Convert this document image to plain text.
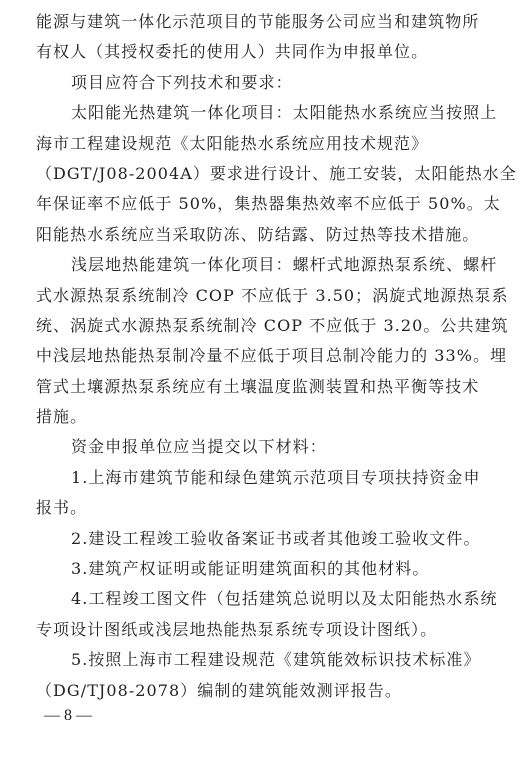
能源与建筑一体化示范项目的节能服务公司应当和建筑物所
有权人（其授权委托的使用人）共同作为申报单位。
项目应符合下列技术和要求：
太阳能光热建筑一体化项目：太阳能热水系统应当按照上
海市工程建设规范《太阳能热水系统应用技术规范》
（DGT/J08-2004A）要求进行设计、施工安装，太阳能热水全
年保证率不应低于 50%，集热器集热效率不应低于 50%。太
阳能热水系统应当采取防冻、防结露、防过热等技术措施。
浅层地热能建筑一体化项目：螺杆式地源热泵系统、螺杆
式水源热泵系统制冷 COP 不应低于 3.50；涡旋式地源热泵系
统、涡旋式水源热泵系统制冷 COP 不应低于 3.20。公共建筑
中浅层地热能热泵制冷量不应低于项目总制冷能力的 33%。埋
管式土壤源热泵系统应有土壤温度监测装置和热平衡等技术
措施。
资金申报单位应当提交以下材料：
1.上海市建筑节能和绿色建筑示范项目专项扶持资金申
报书。
2.建设工程竣工验收备案证书或者其他竣工验收文件。
3.建筑产权证明或能证明建筑面积的其他材料。
4.工程竣工图文件（包括建筑总说明以及太阳能热水系统
专项设计图纸或浅层地热能热泵系统专项设计图纸）。
5.按照上海市工程建设规范《建筑能效标识技术标准》
（DG/TJ08-2078）编制的建筑能效测评报告。
— 8 —
